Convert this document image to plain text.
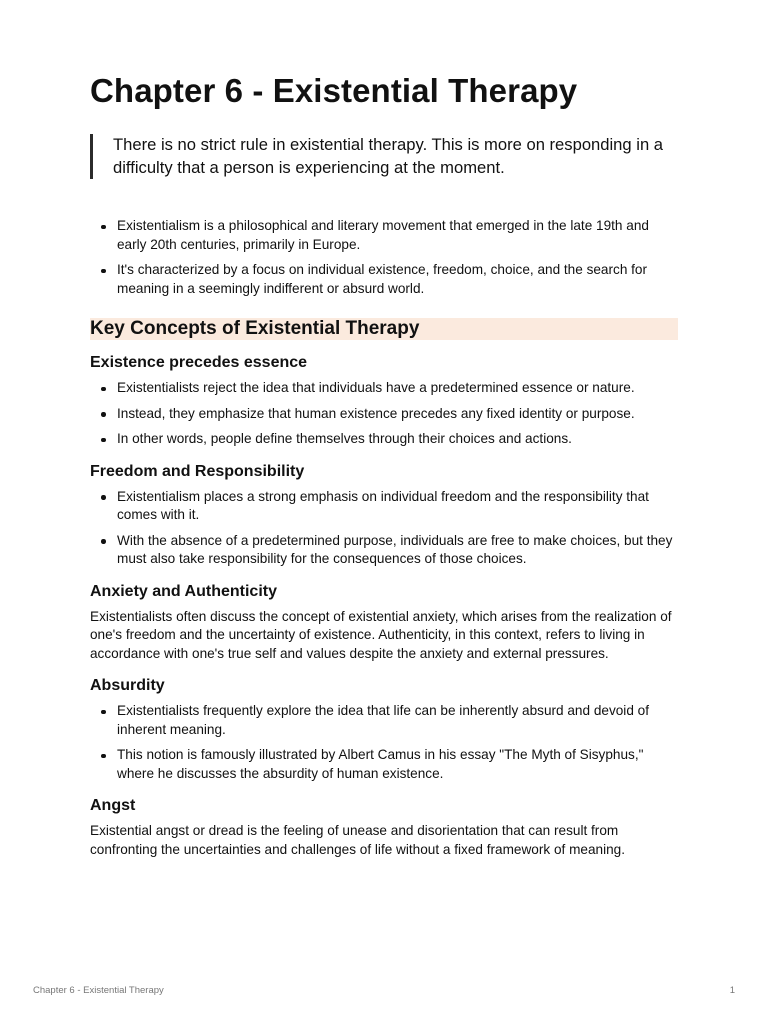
Chapter 6 - Existential Therapy
There is no strict rule in existential therapy. This is more on responding in a difficulty that a person is experiencing at the moment.
Existentialism is a philosophical and literary movement that emerged in the late 19th and early 20th centuries, primarily in Europe.
It's characterized by a focus on individual existence, freedom, choice, and the search for meaning in a seemingly indifferent or absurd world.
Key Concepts of Existential Therapy
Existence precedes essence
Existentialists reject the idea that individuals have a predetermined essence or nature.
Instead, they emphasize that human existence precedes any fixed identity or purpose.
In other words, people define themselves through their choices and actions.
Freedom and Responsibility
Existentialism places a strong emphasis on individual freedom and the responsibility that comes with it.
With the absence of a predetermined purpose, individuals are free to make choices, but they must also take responsibility for the consequences of those choices.
Anxiety and Authenticity

Existentialists often discuss the concept of existential anxiety, which arises from the realization of one's freedom and the uncertainty of existence. Authenticity, in this context, refers to living in accordance with one's true self and values despite the anxiety and external pressures.

Absurdity
Existentialists frequently explore the idea that life can be inherently absurd and devoid of inherent meaning.
This notion is famously illustrated by Albert Camus in his essay "The Myth of Sisyphus," where he discusses the absurdity of human existence.
Angst

Existential angst or dread is the feeling of unease and disorientation that can result from confronting the uncertainties and challenges of life without a fixed framework of meaning.

Chapter 6 - Existential Therapy	1
